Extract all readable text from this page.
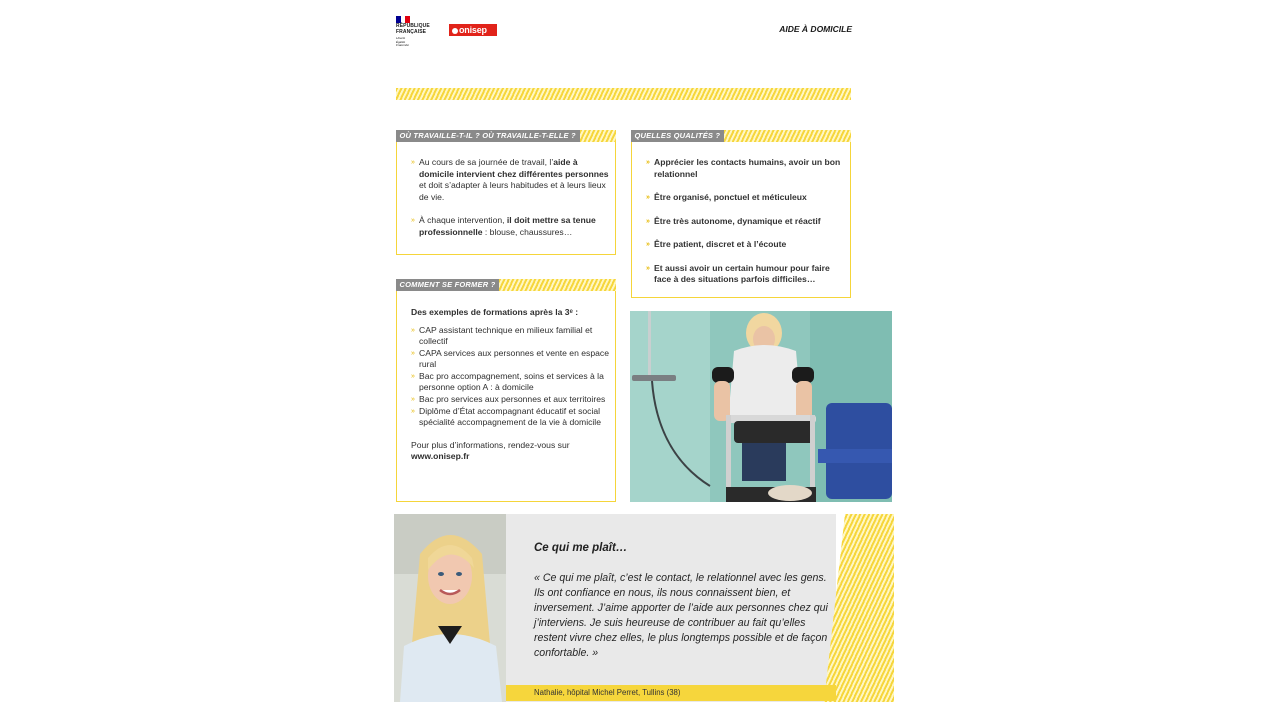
RÉPUBLIQUE
FRANÇAISE
Liberté
Égalité
Fraternité
onisep	AIDE À DOMICILE
OÙ TRAVAILLE-T-IL ? OÙ TRAVAILLE-T-ELLE ?
» Au cours de sa journée de travail, l’aide à domicile intervient chez différentes personnes et doit s’adapter à leurs habitudes et à leurs lieux de vie.
» À chaque intervention, il doit mettre sa tenue professionnelle : blouse, chaussures…
QUELLES QUALITÉS ?
» Apprécier les contacts humains, avoir un bon relationnel
» Être organisé, ponctuel et méticuleux
» Être très autonome, dynamique et réactif
» Être patient, discret et à l’écoute
» Et aussi avoir un certain humour pour faire face à des situations parfois difficiles…
COMMENT SE FORMER ?
Des exemples de formations après la 3ᵉ :
» CAP assistant technique en milieux familial et collectif
» CAPA services aux personnes et vente en espace rural
» Bac pro accompagnement, soins et services à la personne option A : à domicile
» Bac pro services aux personnes et aux territoires
» Diplôme d’État accompagnant éducatif et social spécialité accompagnement de la vie à domicile
Pour plus d’informations, rendez-vous sur
www.onisep.fr
Ce qui me plaît…
« Ce qui me plaît, c’est le contact, le relationnel avec les gens. Ils ont confiance en nous, ils nous connaissent bien, et inversement. J’aime apporter de l’aide aux personnes chez qui j’interviens. Je suis heureuse de contribuer au fait qu’elles restent vivre chez elles, le plus longtemps possible et de façon confortable. »
Nathalie, hôpital Michel Perret, Tullins (38)
